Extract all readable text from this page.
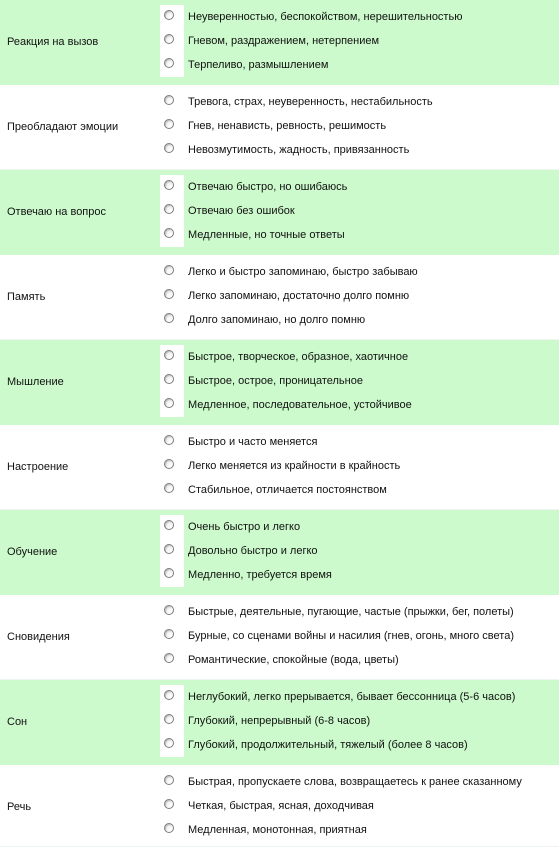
Реакция на вызов
Неуверенностью, беспокойством, нерешительностью
Гневом, раздражением, нетерпением
Терпеливо, размышлением
Преобладают эмоции
Тревога, страх, неуверенность, нестабильность
Гнев, ненависть, ревность, решимость
Невозмутимость, жадность, привязанность
Отвечаю на вопрос
Отвечаю быстро, но ошибаюсь
Отвечаю без ошибок
Медленные, но точные ответы
Память
Легко и быстро запоминаю, быстро забываю
Легко запоминаю, достаточно долго помню
Долго запоминаю, но долго помню
Мышление
Быстрое, творческое, образное, хаотичное
Быстрое, острое, проницательное
Медленное, последовательное, устойчивое
Настроение
Быстро и часто меняется
Легко меняется из крайности в крайность
Стабильное, отличается постоянством
Обучение
Очень быстро и легко
Довольно быстро и легко
Медленно, требуется время
Сновидения
Быстрые, деятельные, пугающие, частые (прыжки, бег, полеты)
Бурные, со сценами войны и насилия (гнев, огонь, много света)
Романтические, спокойные (вода, цветы)
Сон
Неглубокий, легко прерывается, бывает бессонница (5-6 часов)
Глубокий, непрерывный (6-8 часов)
Глубокий, продолжительный, тяжелый (более 8 часов)
Речь
Быстрая, пропускаете слова, возвращаетесь к ранее сказанному
Четкая, быстрая, ясная, доходчивая
Медленная, монотонная, приятная
